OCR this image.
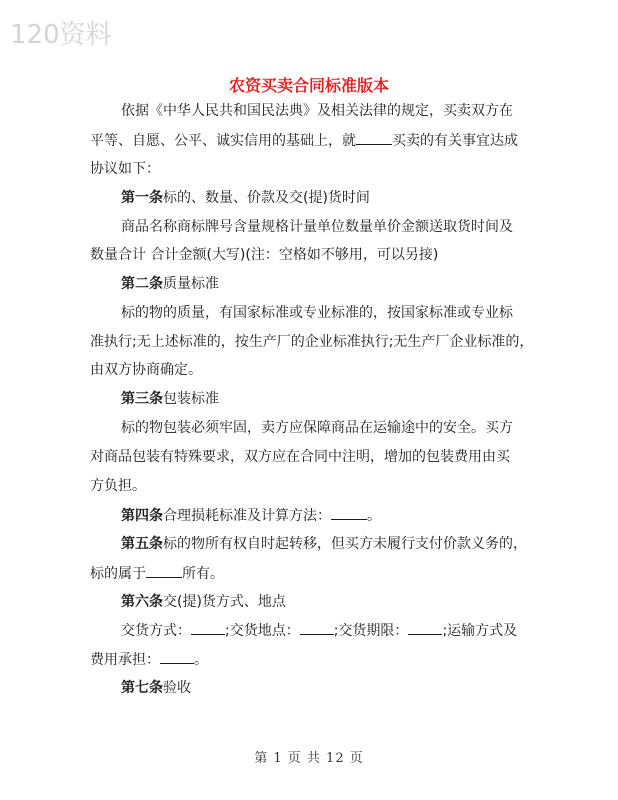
120资料
农资买卖合同标准版本
依据《中华人民共和国民法典》及相关法律的规定，买卖双方在
平等、自愿、公平、诚实信用的基础上，就	买卖的有关事宜达成
协议如下：
第一条标的、数量、价款及交(提)货时间
商品名称商标牌号含量规格计量单位数量单价金额送取货时间及
数量合计 合计金额(大写)(注：空格如不够用，可以另接)
第二条质量标准
标的物的质量，有国家标准或专业标准的，按国家标准或专业标
准执行;无上述标准的，按生产厂的企业标准执行;无生产厂企业标准的，
由双方协商确定。
第三条包装标准
标的物包装必须牢固，卖方应保障商品在运输途中的安全。买方
对商品包装有特殊要求，双方应在合同中注明，增加的包装费用由买
方负担。
第四条合理损耗标准及计算方法：	。
第五条标的物所有权自时起转移，但买方未履行支付价款义务的，
标的属于	所有。
第六条交(提)货方式、地点
交货方式： ;交货地点： ;交货期限： ;运输方式及
费用承担： 。
第七条验收
第 1 页 共 12 页
